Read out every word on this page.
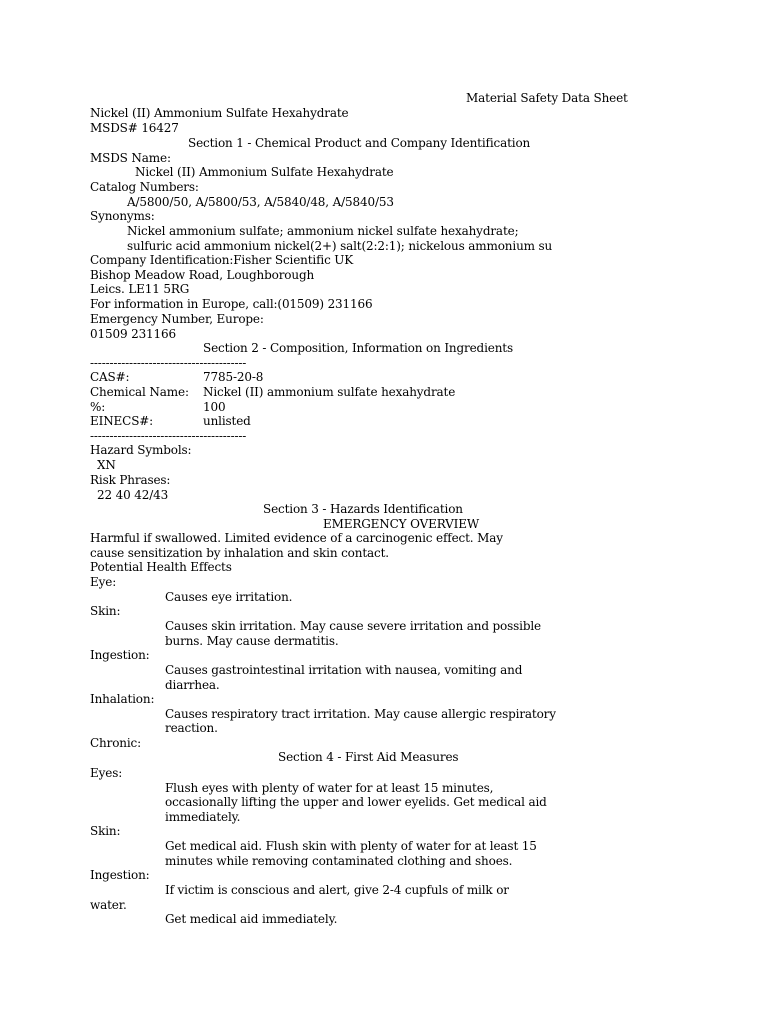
Material Safety Data Sheet
Nickel (II) Ammonium Sulfate Hexahydrate
MSDS# 16427
Section 1 - Chemical Product and Company Identification
MSDS Name:
Nickel (II) Ammonium Sulfate Hexahydrate
Catalog Numbers:
A/5800/50, A/5800/53, A/5840/48, A/5840/53
Synonyms:
Nickel ammonium sulfate; ammonium nickel sulfate hexahydrate;
sulfuric acid ammonium nickel(2+) salt(2:2:1); nickelous ammonium su
Company Identification:Fisher Scientific UK
Bishop Meadow Road, Loughborough
Leics. LE11 5RG
For information in Europe, call:(01509) 231166
Emergency Number, Europe:
01509 231166
Section 2 - Composition, Information on Ingredients
----------------------------------------
CAS#:	7785-20-8
Chemical Name: Nickel (II) ammonium sulfate hexahydrate
%:	100
EINECS#:	unlisted
----------------------------------------
Hazard Symbols:
XN
Risk Phrases:
22 40 42/43
Section 3 - Hazards Identification
EMERGENCY OVERVIEW
Harmful if swallowed. Limited evidence of a carcinogenic effect. May
cause sensitization by inhalation and skin contact.
Potential Health Effects
Eye:
Causes eye irritation.
Skin:
Causes skin irritation. May cause severe irritation and possible
burns. May cause dermatitis.
Ingestion:
Causes gastrointestinal irritation with nausea, vomiting and
diarrhea.
Inhalation:
Causes respiratory tract irritation. May cause allergic respiratory
reaction.
Chronic:
Section 4 - First Aid Measures
Eyes:
Flush eyes with plenty of water for at least 15 minutes,
occasionally lifting the upper and lower eyelids. Get medical aid
immediately.
Skin:
Get medical aid. Flush skin with plenty of water for at least 15
minutes while removing contaminated clothing and shoes.
Ingestion:
If victim is conscious and alert, give 2-4 cupfuls of milk or
water.
Get medical aid immediately.
